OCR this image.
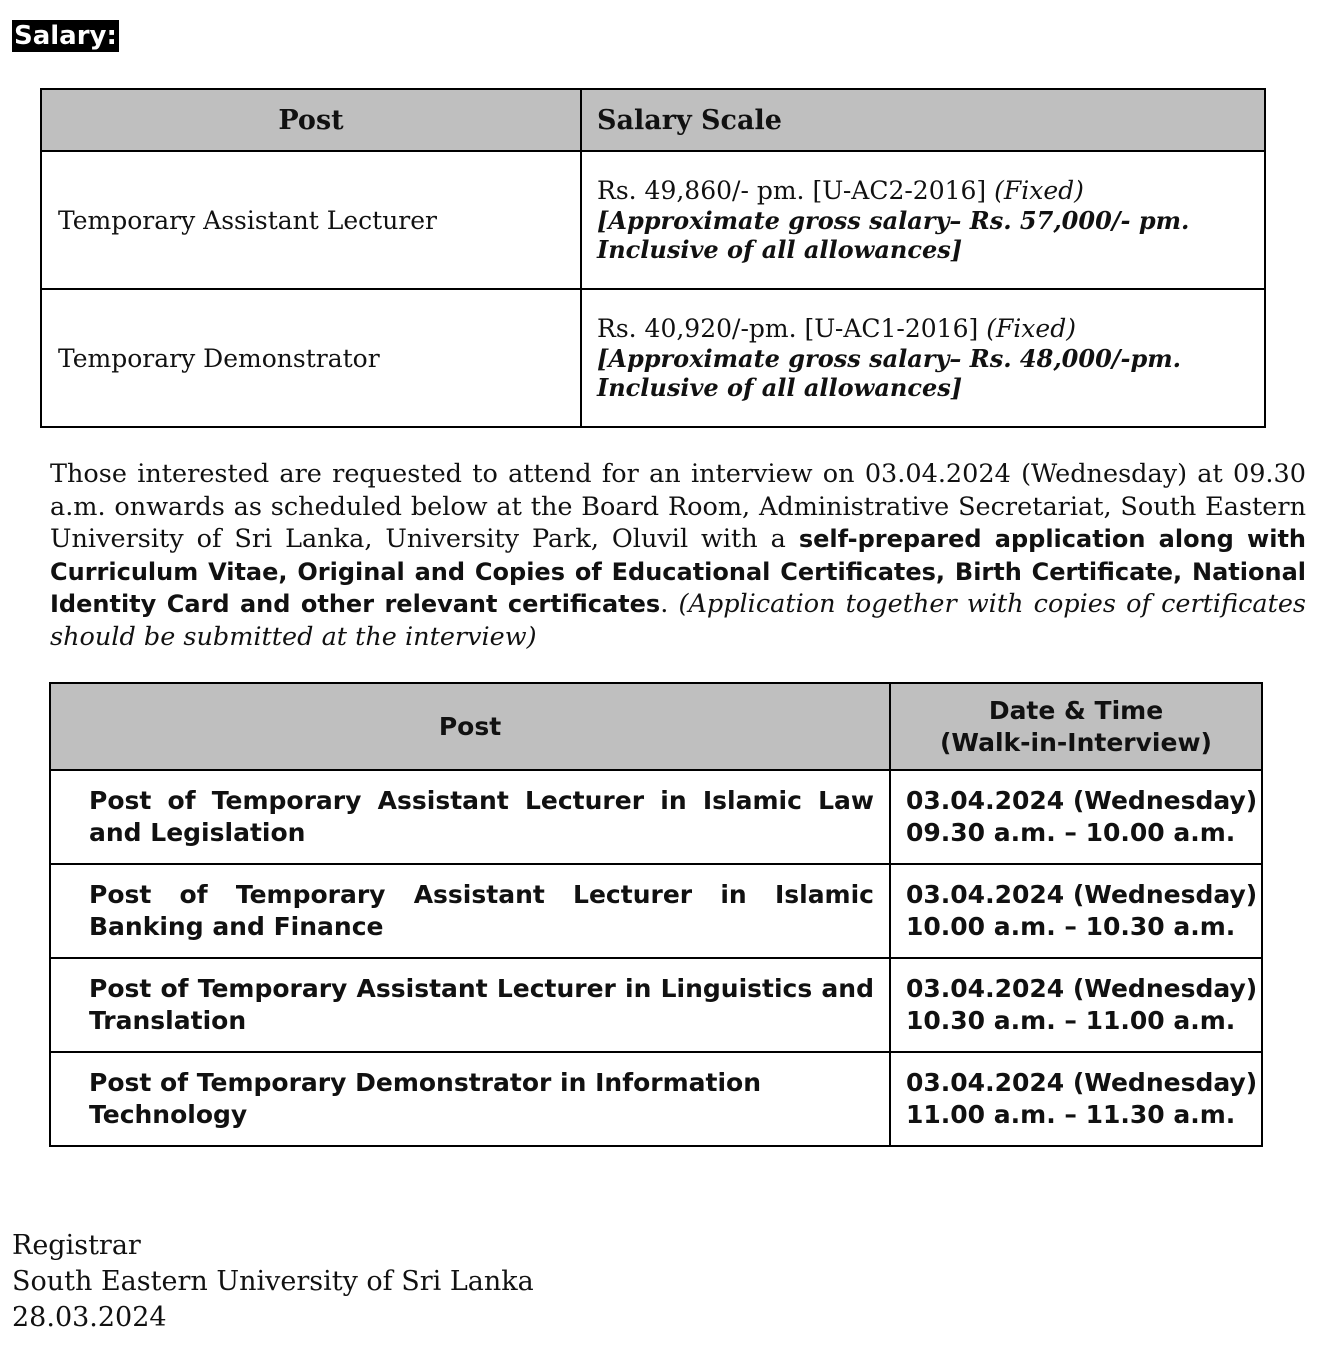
Salary:
Post	Salary Scale
Temporary Assistant Lecturer	Rs. 49,860/- pm. [U-AC2-2016] (Fixed)
[Approximate gross salary– Rs. 57,000/- pm. Inclusive of all allowances]

Temporary Demonstrator	Rs. 40,920/-pm. [U-AC1-2016] (Fixed)
[Approximate gross salary– Rs. 48,000/-pm. Inclusive of all allowances]
Those interested are requested to attend for an interview on 03.04.2024 (Wednesday) at 09.30 a.m. onwards as scheduled below at the Board Room, Administrative Secretariat, South Eastern University of Sri Lanka, University Park, Oluvil with a self-prepared application along with Curriculum Vitae, Original and Copies of Educational Certificates, Birth Certificate, National Identity Card and other relevant certificates. (Application together with copies of certificates should be submitted at the interview)
Post	Date & Time
(Walk-in-Interview)
Post of Temporary Assistant Lecturer in Islamic Law and Legislation	03.04.2024 (Wednesday)
09.30 a.m. – 10.00 a.m.

Post of Temporary Assistant Lecturer in Islamic Banking and Finance	03.04.2024 (Wednesday)
10.00 a.m. – 10.30 a.m.

Post of Temporary Assistant Lecturer in Linguistics and Translation	03.04.2024 (Wednesday)
10.30 a.m. – 11.00 a.m.

Post of Temporary Demonstrator in Information Technology	03.04.2024 (Wednesday)
11.00 a.m. – 11.30 a.m.
Registrar
South Eastern University of Sri Lanka
28.03.2024
